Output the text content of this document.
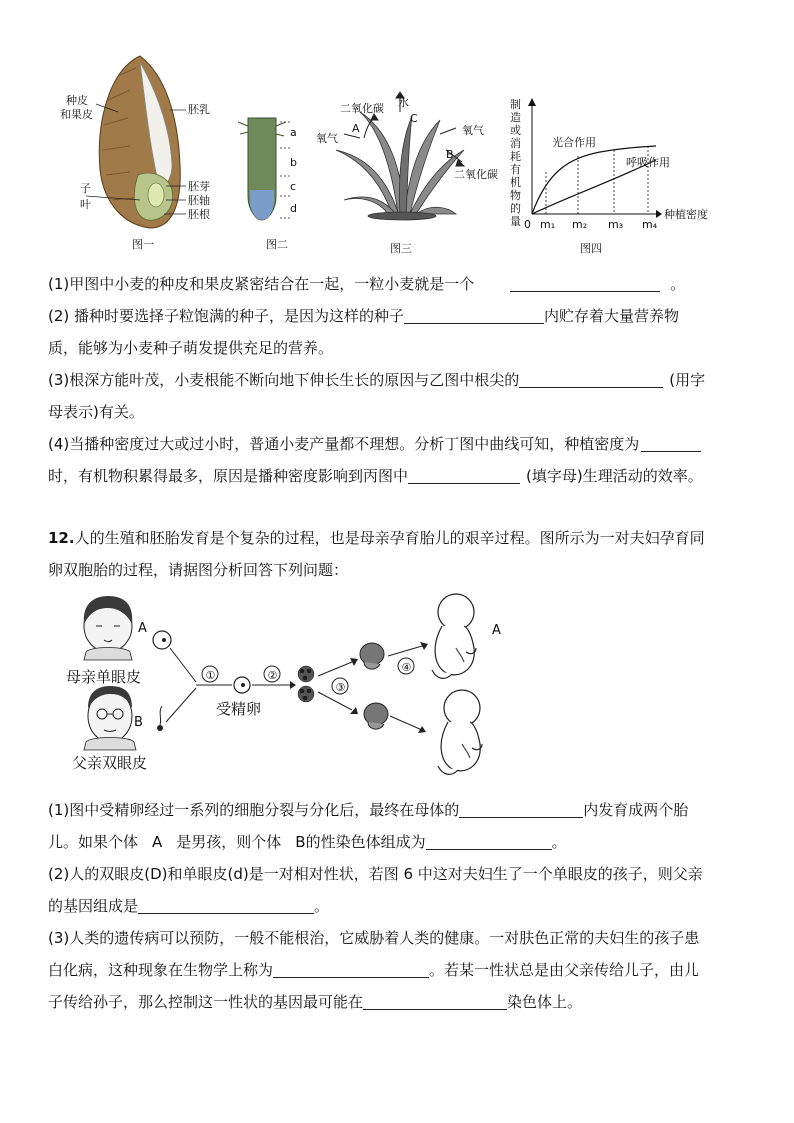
种皮
和果皮	胚乳
子
叶
胚芽
胚轴
胚根
图一
a
b
c
d
图二
二氧化碳 水
A
C
氧气
氧气
B
二氧化碳
图三
制
造
或
消
耗
有
机
物
的
量 0 m₁ m₂ m₃ m₄
种植密度
光合作用
呼吸作用
图四
(1)甲图中小麦的种皮和果皮紧密结合在一起，一粒小麦就是一个	。
(2) 播种时要选择子粒饱满的种子，是因为这样的种子	内贮存着大量营养物
质，能够为小麦种子萌发提供充足的营养。
(3)根深方能叶茂，小麦根能不断向地下伸长生长的原因与乙图中根尖的	(用字
母表示)有关。
(4)当播种密度过大或过小时，普通小麦产量都不理想。分析丁图中曲线可知，种植密度为
时，有机物积累得最多，原因是播种密度影响到丙图中	(填字母)生理活动的效率。
12.人的生殖和胚胎发育是个复杂的过程，也是母亲孕育胎儿的艰辛过程。图所示为一对夫妇孕育同
卵双胞胎的过程，请据图分析回答下列问题：
A
B
母亲单眼皮
父亲双眼皮
①
受精卵
②
③
④
A
(1)图中受精卵经过一系列的细胞分裂与分化后，最终在母体的	内发育成两个胎
儿。如果个体 A 是男孩，则个体 B的性染色体组成为	。
(2)人的双眼皮(D)和单眼皮(d)是一对相对性状，若图 6 中这对夫妇生了一个单眼皮的孩子，则父亲
的基因组成是	。
(3)人类的遗传病可以预防，一般不能根治，它威胁着人类的健康。一对肤色正常的夫妇生的孩子患
白化病，这种现象在生物学上称为	。若某一性状总是由父亲传给儿子，由儿
子传给孙子，那么控制这一性状的基因最可能在	染色体上。
